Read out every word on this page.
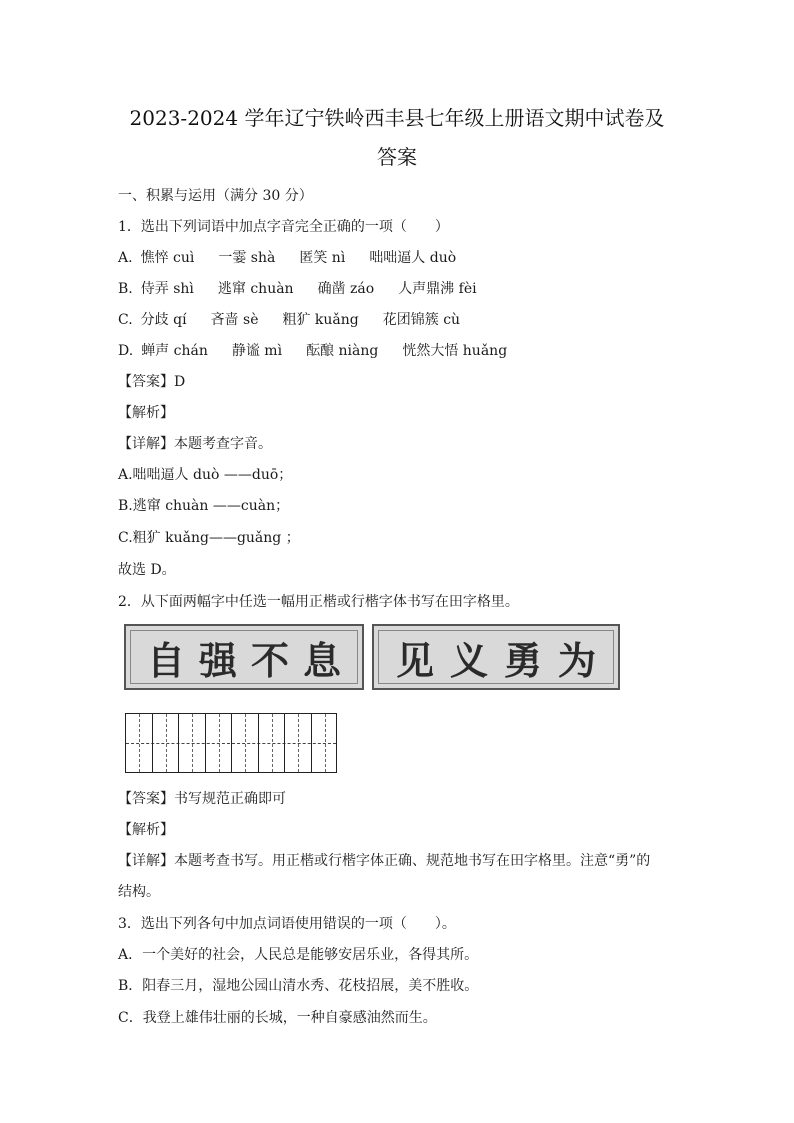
2023-2024 学年辽宁铁岭西丰县七年级上册语文期中试卷及
答案
一、积累与运用（满分 30 分）
1．选出下列词语中加点字音完全正确的一项（　　）
A. 憔悴 cuì 一霎 shà 匿笑 nì 咄咄逼人 duò
B. 侍弄 shì 逃窜 chuàn 确凿 záo 人声鼎沸 fèi
C. 分歧 qí 吝啬 sè 粗犷 kuǎng 花团锦簇 cù
D. 蝉声 chán 静谧 mì 酝酿 niàng 恍然大悟 huǎng
【答案】D
【解析】
【详解】本题考查字音。
A.咄咄逼人 duò ——duō；
B.逃窜 chuàn ——cuàn；
C.粗犷 kuǎng——guǎng ；
故选 D。
2．从下面两幅字中任选一幅用正楷或行楷字体书写在田字格里。
自 强 不 息 见 义 勇 为
【答案】书写规范正确即可
【解析】
【详解】本题考查书写。用正楷或行楷字体正确、规范地书写在田字格里。注意“勇”的
结构。
3．选出下列各句中加点词语使用错误的一项（　　）。
A．一个美好的社会，人民总是能够安居乐业，各得其所。
B．阳春三月，湿地公园山清水秀、花枝招展，美不胜收。
C．我登上雄伟壮丽的长城，一种自豪感油然而生。
